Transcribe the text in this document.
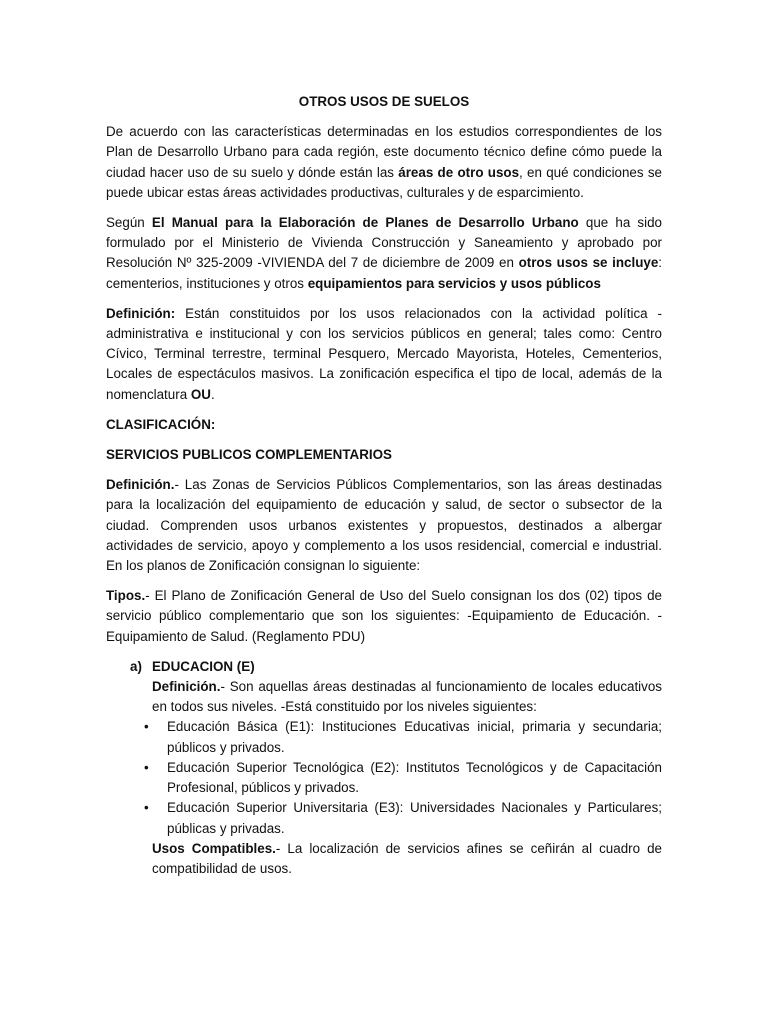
OTROS USOS DE SUELOS

De acuerdo con las características determinadas en los estudios correspondientes de los Plan de Desarrollo Urbano para cada región, este documento técnico define cómo puede la ciudad hacer uso de su suelo y dónde están las áreas de otro usos, en qué condiciones se puede ubicar estas áreas actividades productivas, culturales y de esparcimiento.

Según El Manual para la Elaboración de Planes de Desarrollo Urbano que ha sido formulado por el Ministerio de Vivienda Construcción y Saneamiento y aprobado por Resolución Nº 325-2009 -VIVIENDA del 7 de diciembre de 2009 en otros usos se incluye: cementerios, instituciones y otros equipamientos para servicios y usos públicos

Definición: Están constituidos por los usos relacionados con la actividad política - administrativa e institucional y con los servicios públicos en general; tales como: Centro Cívico, Terminal terrestre, terminal Pesquero, Mercado Mayorista, Hoteles, Cementerios, Locales de espectáculos masivos. La zonificación especifica el tipo de local, además de la nomenclatura OU.

CLASIFICACIÓN:
SERVICIOS PUBLICOS COMPLEMENTARIOS

Definición.- Las Zonas de Servicios Públicos Complementarios, son las áreas destinadas para la localización del equipamiento de educación y salud, de sector o subsector de la ciudad. Comprenden usos urbanos existentes y propuestos, destinados a albergar actividades de servicio, apoyo y complemento a los usos residencial, comercial e industrial. En los planos de Zonificación consignan lo siguiente:

Tipos.- El Plano de Zonificación General de Uso del Suelo consignan los dos (02) tipos de servicio público complementario que son los siguientes: -Equipamiento de Educación. -Equipamiento de Salud. (Reglamento PDU)

a) EDUCACION (E)

Definición.- Son aquellas áreas destinadas al funcionamiento de locales educativos en todos sus niveles. -Está constituido por los niveles siguientes:

• Educación Básica (E1): Instituciones Educativas inicial, primaria y secundaria; públicos y privados.
• Educación Superior Tecnológica (E2): Institutos Tecnológicos y de Capacitación Profesional, públicos y privados.
• Educación Superior Universitaria (E3): Universidades Nacionales y Particulares; públicas y privadas.

Usos Compatibles.- La localización de servicios afines se ceñirán al cuadro de compatibilidad de usos.
